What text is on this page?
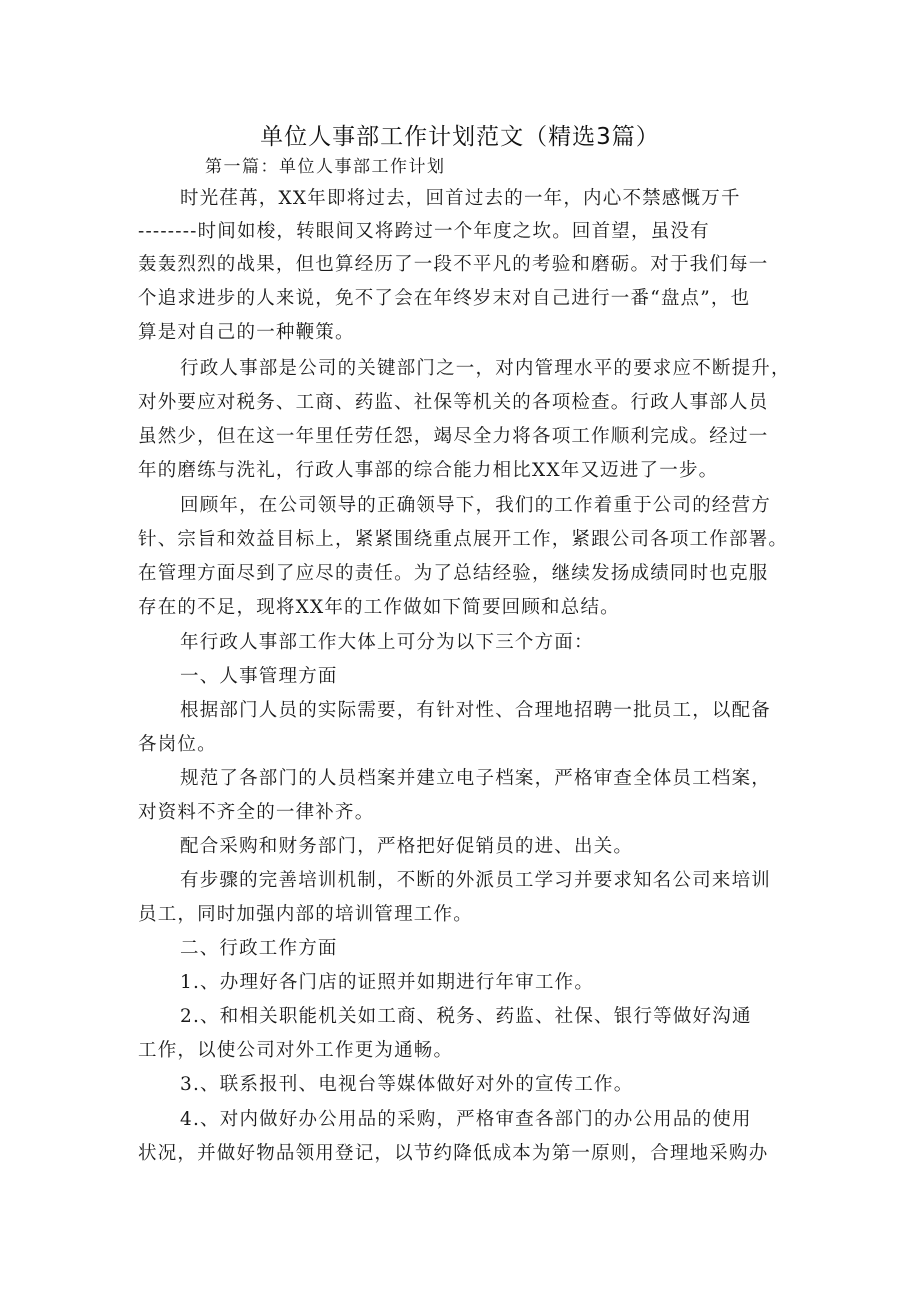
单位人事部工作计划范文（精选3篇）
第一篇：单位人事部工作计划
时光荏苒，XX年即将过去，回首过去的一年，内心不禁感慨万千
--------时间如梭，转眼间又将跨过一个年度之坎。回首望，虽没有
轰轰烈烈的战果，但也算经历了一段不平凡的考验和磨砺。对于我们每一
个追求进步的人来说，免不了会在年终岁末对自己进行一番“盘点”，也
算是对自己的一种鞭策。
行政人事部是公司的关键部门之一，对内管理水平的要求应不断提升，
对外要应对税务、工商、药监、社保等机关的各项检查。行政人事部人员
虽然少，但在这一年里任劳任怨，竭尽全力将各项工作顺利完成。经过一
年的磨练与洗礼，行政人事部的综合能力相比XX年又迈进了一步。
回顾年，在公司领导的正确领导下，我们的工作着重于公司的经营方
针、宗旨和效益目标上，紧紧围绕重点展开工作，紧跟公司各项工作部署。
在管理方面尽到了应尽的责任。为了总结经验，继续发扬成绩同时也克服
存在的不足，现将XX年的工作做如下简要回顾和总结。
年行政人事部工作大体上可分为以下三个方面：
一、人事管理方面
根据部门人员的实际需要，有针对性、合理地招聘一批员工，以配备
各岗位。
规范了各部门的人员档案并建立电子档案，严格审查全体员工档案，
对资料不齐全的一律补齐。
配合采购和财务部门，严格把好促销员的进、出关。
有步骤的完善培训机制，不断的外派员工学习并要求知名公司来培训
员工，同时加强内部的培训管理工作。
二、行政工作方面
1.、办理好各门店的证照并如期进行年审工作。
2.、和相关职能机关如工商、税务、药监、社保、银行等做好沟通
工作，以使公司对外工作更为通畅。
3.、联系报刊、电视台等媒体做好对外的宣传工作。
4.、对内做好办公用品的采购，严格审查各部门的办公用品的使用
状况，并做好物品领用登记，以节约降低成本为第一原则，合理地采购办
